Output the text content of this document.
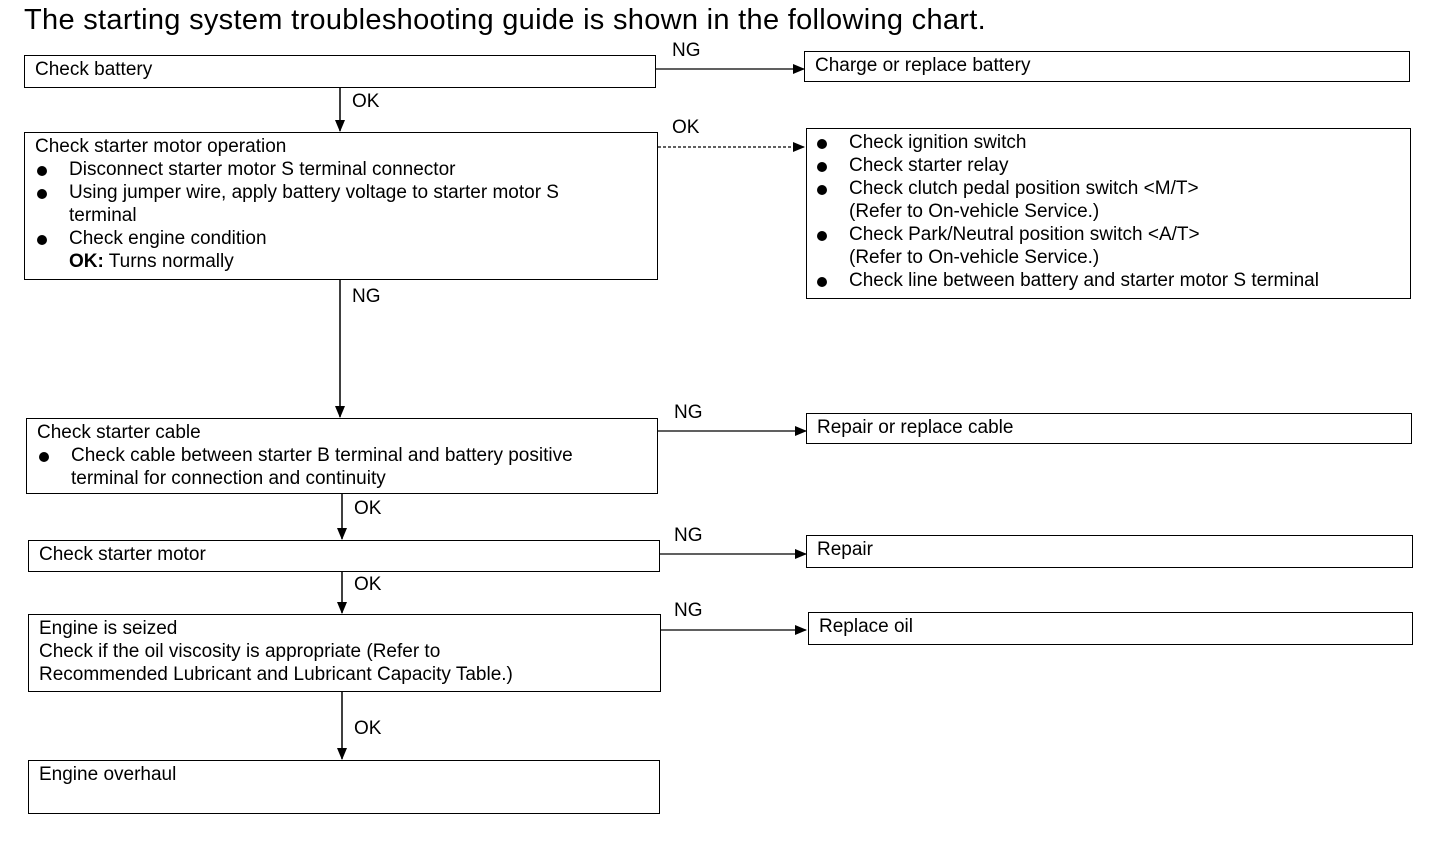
The starting system troubleshooting guide is shown in the following chart.
Check battery
Check starter motor operation
Disconnect starter motor S terminal connector
Using jumper wire, apply battery voltage to starter motor S
terminal
Check engine condition
OK: Turns normally
Check starter cable
Check cable between starter B terminal and battery positive
terminal for connection and continuity
Check starter motor
Engine is seized
Check if the oil viscosity is appropriate (Refer to
Recommended Lubricant and Lubricant Capacity Table.)
Engine overhaul
Charge or replace battery
Check ignition switch
Check starter relay
Check clutch pedal position switch <M/T>
(Refer to On-vehicle Service.)
Check Park/Neutral position switch <A/T>
(Refer to On-vehicle Service.)
Check line between battery and starter motor S terminal
Repair or replace cable
Repair
Replace oil
NG
OK
OK
NG
NG
OK
NG
OK
NG
OK
